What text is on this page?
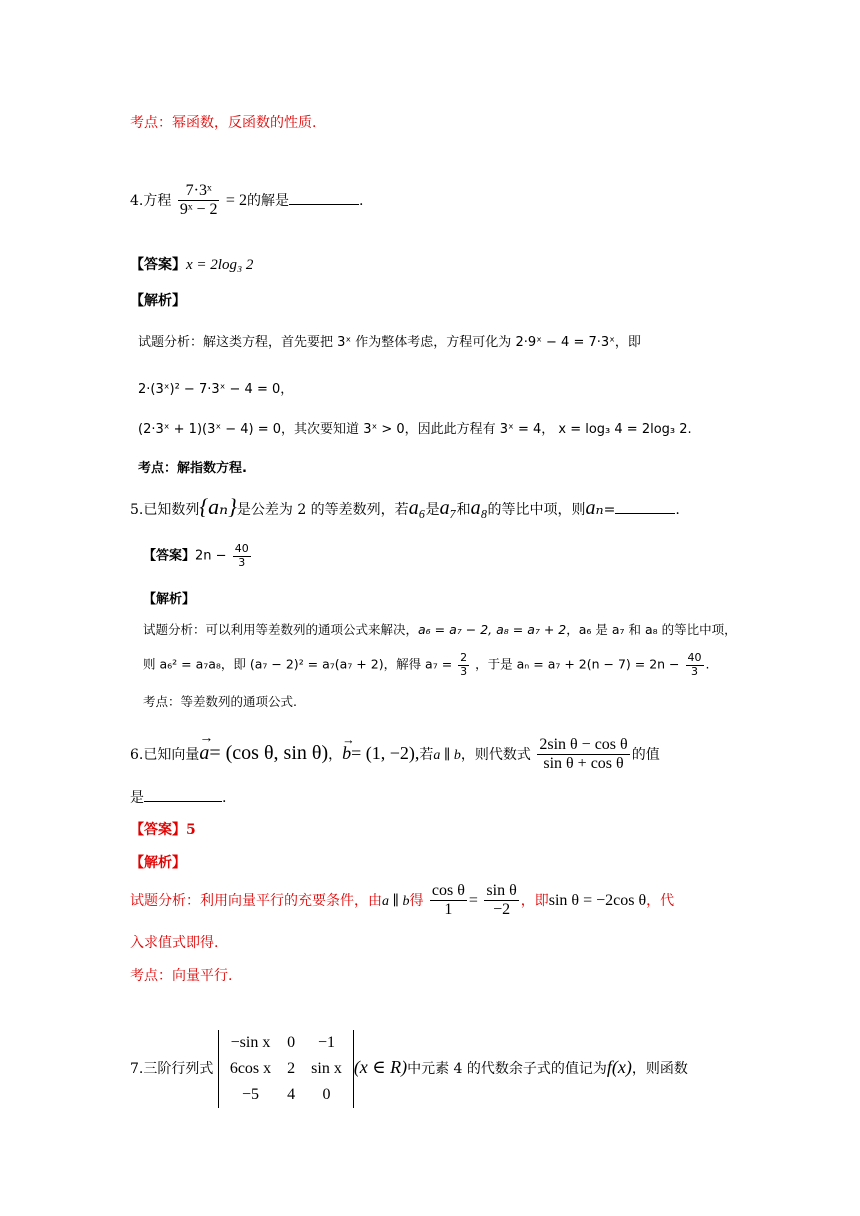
考点：幂函数，反函数的性质.
4.方程 $\frac{\text{7·3ˣ}}{\text{9ˣ − 2}} = 2$的解是	.
【答案】x = 2log₃ 2
【解析】
试题分析：解这类方程，首先要把 3ˣ 作为整体考虑，方程可化为 2·9ˣ − 4 = 7·3ˣ，即
2·(3ˣ)² − 7·3ˣ − 4 = 0，
(2·3ˣ + 1)(3ˣ − 4) = 0，其次要知道 3ˣ > 0，因此此方程有 3ˣ = 4， x = log₃ 4 = 2log₃ 2.
考点：解指数方程.
5.已知数列{aₙ}是公差为 2 的等差数列，若a₆是a₇和a₈的等比中项，则aₙ=	.
【答案】$2n - \frac{40}{3}$
【解析】
试题分析：可以利用等差数列的通项公式来解决，a₆ = a₇ − 2, a₈ = a₇ + 2，a₆ 是 a₇ 和 a₈ 的等比中项，
则 a₆² = a₇a₈，即 (a₇ − 2)² = a₇(a₇ + 2)，解得 $a_7 = \frac{2}{3}$ ，于是 $a_n = a_7 + 2(n - 7) = 2n - \frac{40}{3}$ .
考点：等差数列的通项公式.
6.已知向量→ a= (cos θ, sin θ)，→ b= (1, −2),若a ∥ b，则代数式 $\frac{\text{2sin θ − cos θ}}{\text{sin θ + cos θ}}$ 的值
是	.
【答案】5
【解析】
试题分析：利用向量平行的充要条件，由a ∥ b得 $\frac{\text{cos θ}}{1} = \frac{\text{sin θ}}{-2}$ ，即sin θ = −2cos θ，代
入求值式即得.
考点：向量平行.
7.三阶行列式
−sin x	0	−1
6cos x	2	sin x
−5	4	0
(x ∈ R)中元素 4 的代数余子式的值记为f(x)，则函数
